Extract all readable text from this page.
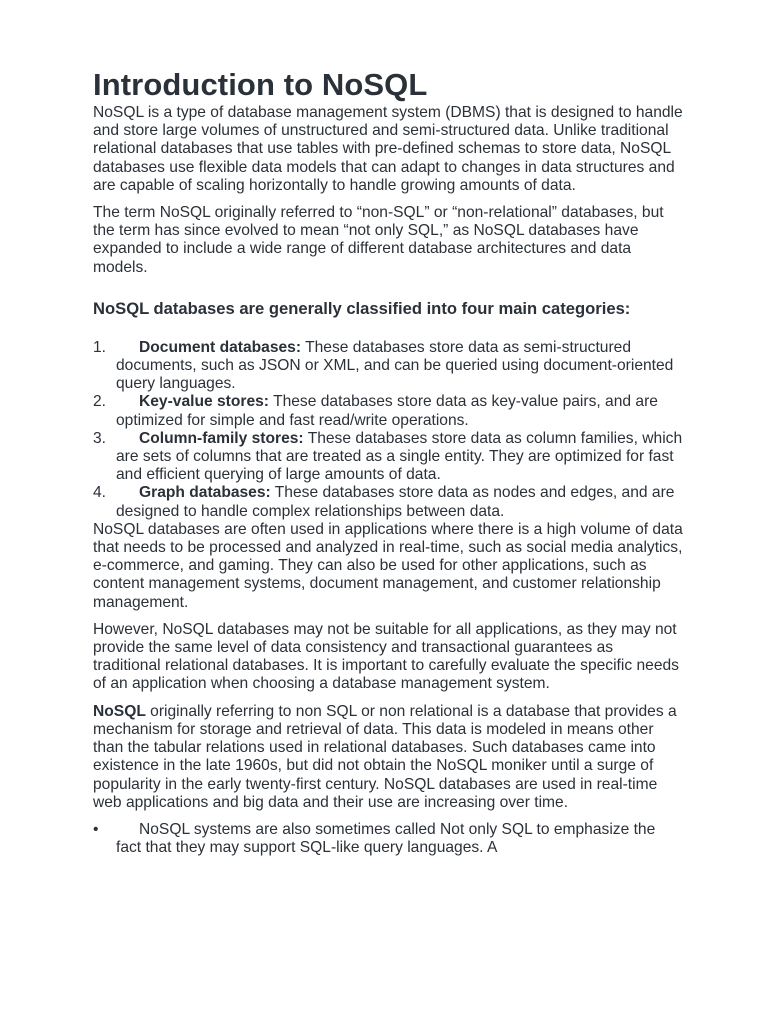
Introduction to NoSQL

NoSQL is a type of database management system (DBMS) that is designed to handle and store large volumes of unstructured and semi-structured data. Unlike traditional relational databases that use tables with pre-defined schemas to store data, NoSQL databases use flexible data models that can adapt to changes in data structures and are capable of scaling horizontally to handle growing amounts of data.

The term NoSQL originally referred to “non-SQL” or “non-relational” databases, but the term has since evolved to mean “not only SQL,” as NoSQL databases have expanded to include a wide range of different database architectures and data models.

NoSQL databases are generally classified into four main categories:
1. Document databases: These databases store data as semi-structured documents, such as JSON or XML, and can be queried using document-oriented query languages.
2. Key-value stores: These databases store data as key-value pairs, and are optimized for simple and fast read/write operations.
3. Column-family stores: These databases store data as column families, which are sets of columns that are treated as a single entity. They are optimized for fast and efficient querying of large amounts of data.
4. Graph databases: These databases store data as nodes and edges, and are designed to handle complex relationships between data.

NoSQL databases are often used in applications where there is a high volume of data that needs to be processed and analyzed in real-time, such as social media analytics, e-commerce, and gaming. They can also be used for other applications, such as content management systems, document management, and customer relationship management.

However, NoSQL databases may not be suitable for all applications, as they may not provide the same level of data consistency and transactional guarantees as traditional relational databases. It is important to carefully evaluate the specific needs of an application when choosing a database management system.

NoSQL originally referring to non SQL or non relational is a database that provides a mechanism for storage and retrieval of data. This data is modeled in means other than the tabular relations used in relational databases. Such databases came into existence in the late 1960s, but did not obtain the NoSQL moniker until a surge of popularity in the early twenty-first century. NoSQL databases are used in real-time web applications and big data and their use are increasing over time.

•	NoSQL systems are also sometimes called Not only SQL to emphasize the fact that they may support SQL-like query languages. A
